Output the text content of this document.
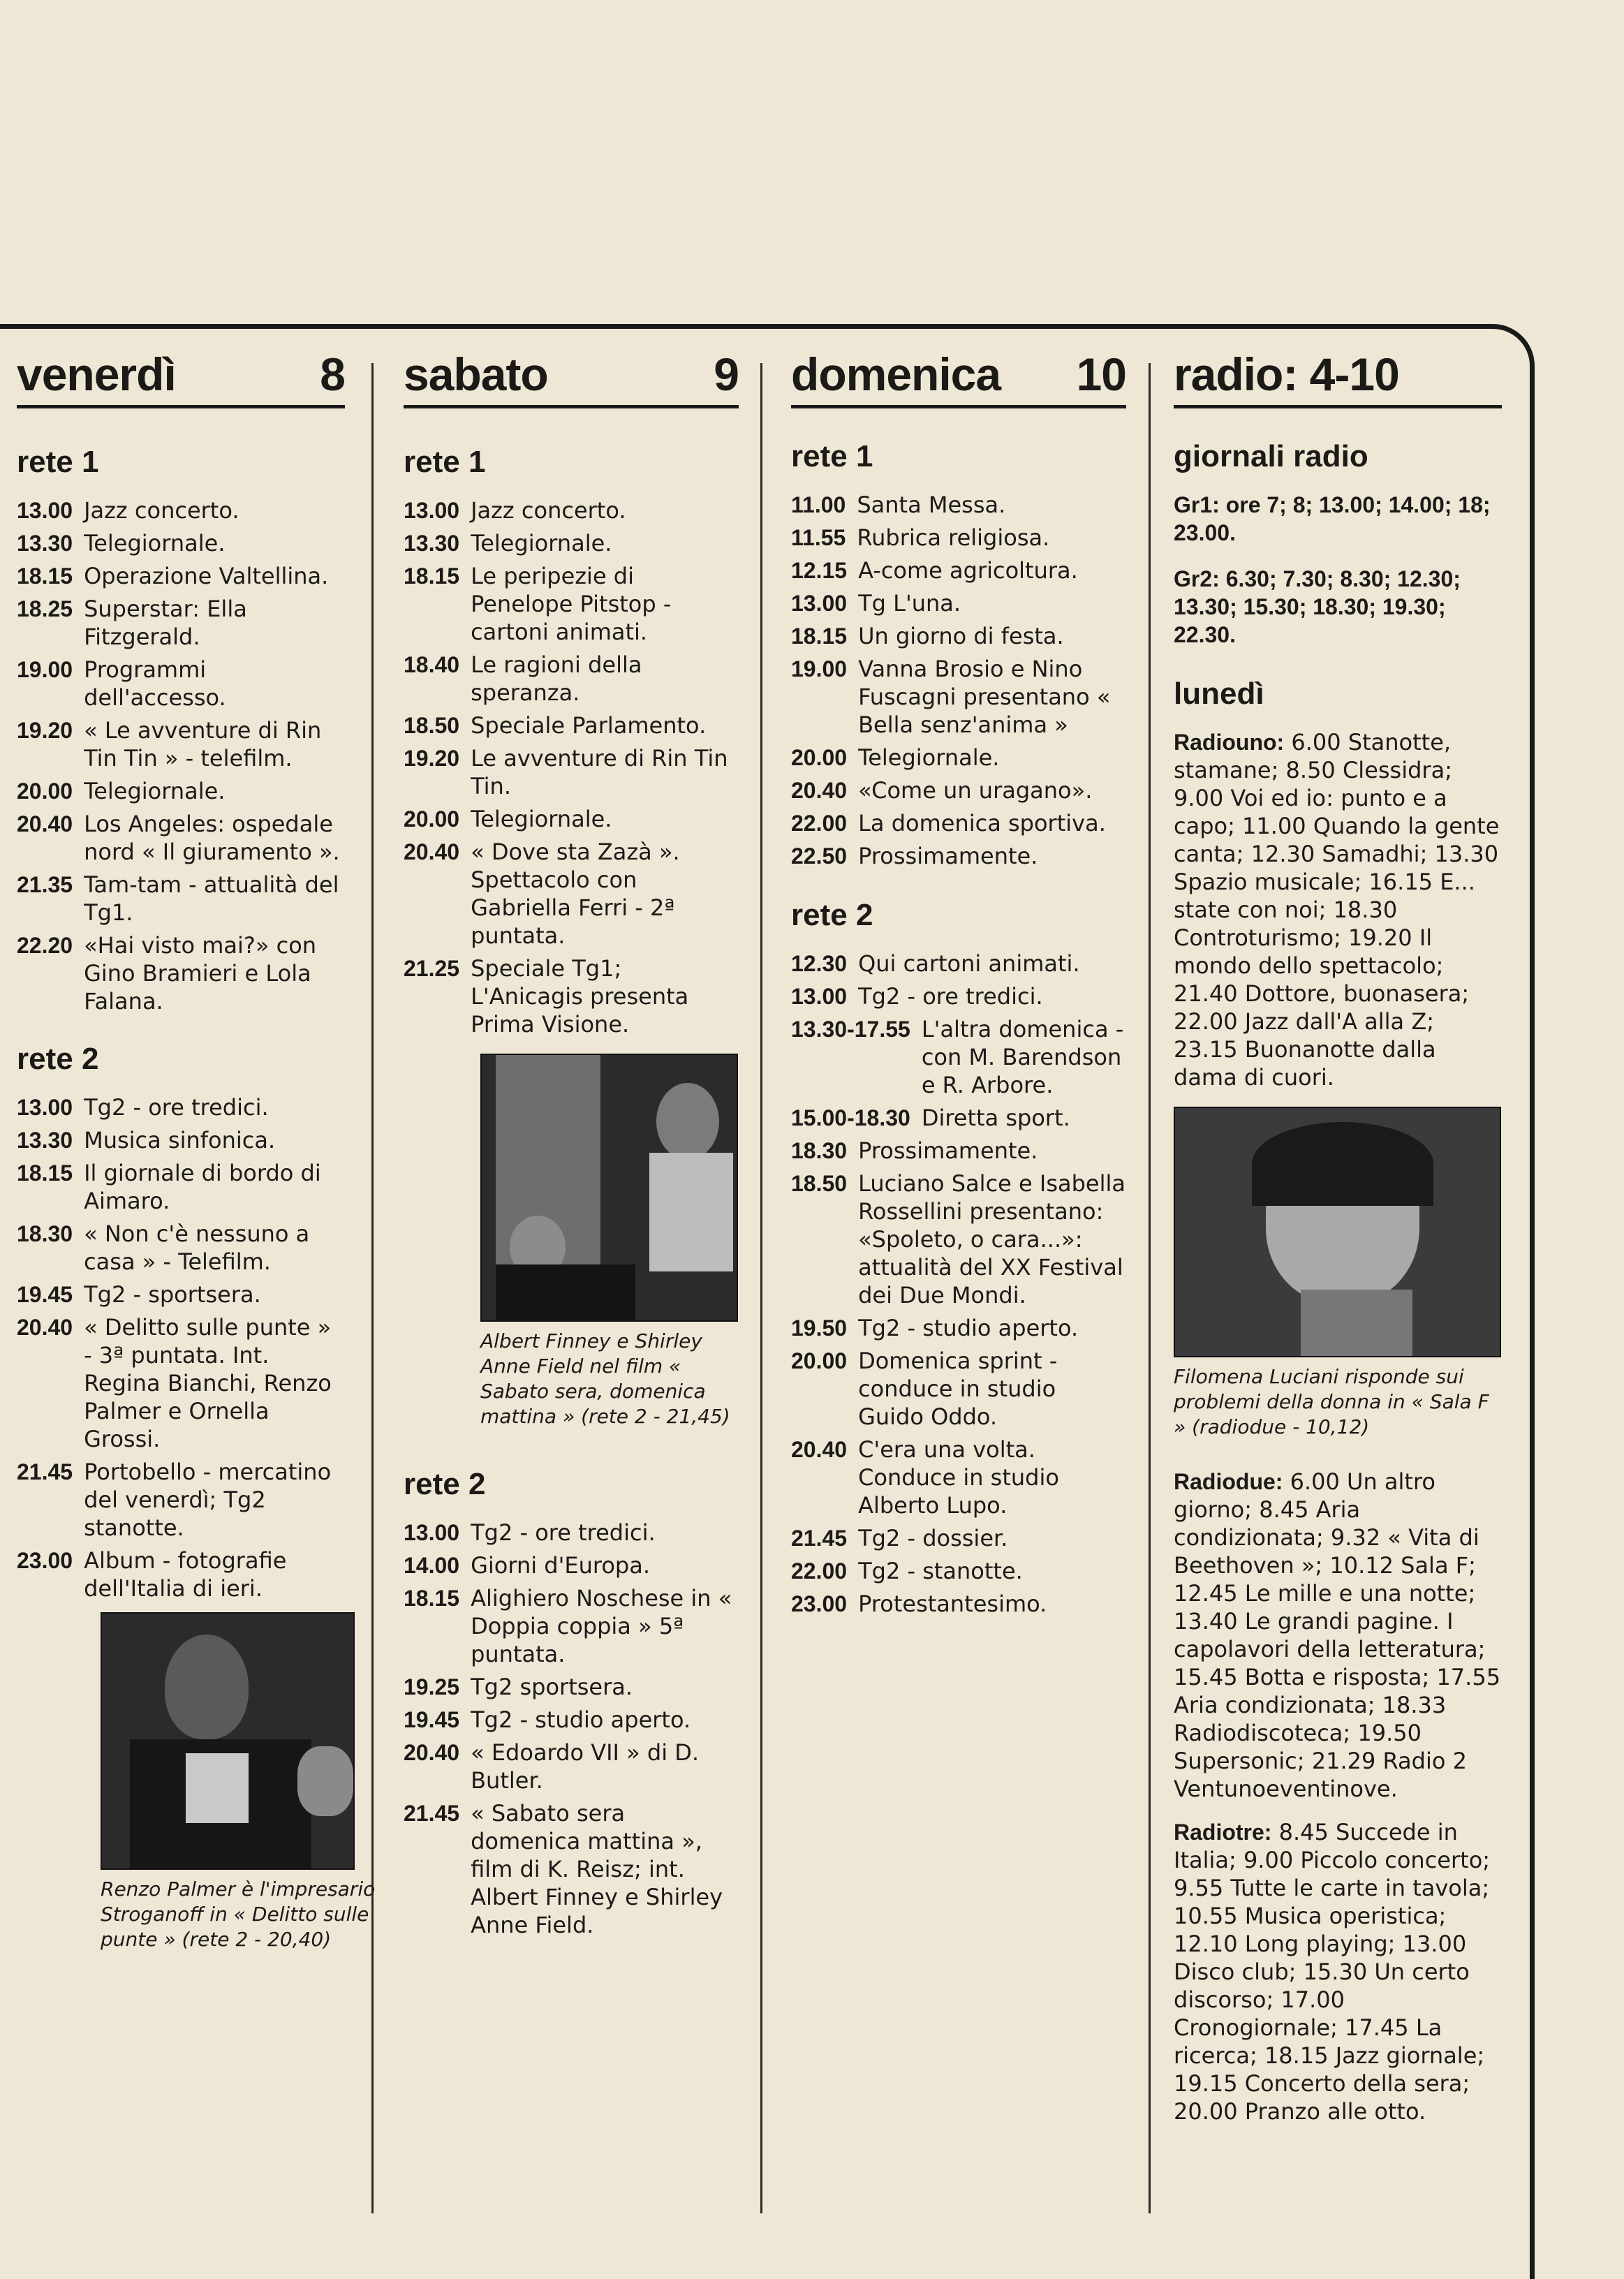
venerdì	8
rete 1
13.00 Jazz concerto.
13.30 Telegiornale.
18.15 Operazione Valtellina.
18.25 Superstar: Ella Fitzgerald.
19.00 Programmi dell'accesso.
19.20 « Le avventure di Rin Tin Tin » - telefilm.
20.00 Telegiornale.
20.40 Los Angeles: ospedale nord « Il giuramento ».
21.35 Tam-tam - attualità del Tg1.
22.20 «Hai visto mai?» con Gino Bramieri e Lola Falana.
rete 2
13.00 Tg2 - ore tredici.
13.30 Musica sinfonica.
18.15 Il giornale di bordo di Aimaro.
18.30 « Non c'è nessuno a casa » - Telefilm.
19.45 Tg2 - sportsera.
20.40 « Delitto sulle punte » - 3ª puntata. Int. Regina Bianchi, Renzo Palmer e Ornella Grossi.
21.45 Portobello - mercatino del venerdì; Tg2 stanotte.
23.00 Album - fotografie dell'Italia di ieri.
Renzo Palmer è l'impresario Stroganoff in « Delitto sulle punte » (rete 2 - 20,40)
sabato	9
rete 1
13.00 Jazz concerto.
13.30 Telegiornale.
18.15 Le peripezie di Penelope Pitstop - cartoni animati.
18.40 Le ragioni della speranza.
18.50 Speciale Parlamento.
19.20 Le avventure di Rin Tin Tin.
20.00 Telegiornale.
20.40 « Dove sta Zazà ». Spettacolo con Gabriella Ferri - 2ª puntata.
21.25 Speciale Tg1; L'Anicagis presenta Prima Visione.
Albert Finney e Shirley Anne Field nel film « Sabato sera, domenica mattina » (rete 2 - 21,45)
rete 2
13.00 Tg2 - ore tredici.
14.00 Giorni d'Europa.
18.15 Alighiero Noschese in « Doppia coppia » 5ª puntata.
19.25 Tg2 sportsera.
19.45 Tg2 - studio aperto.
20.40 « Edoardo VII » di D. Butler.
21.45 « Sabato sera domenica mattina », film di K. Reisz; int. Albert Finney e Shirley Anne Field.
domenica 10
rete 1
11.00 Santa Messa.
11.55 Rubrica religiosa.
12.15 A-come agricoltura.
13.00 Tg L'una.
18.15 Un giorno di festa.
19.00 Vanna Brosio e Nino Fuscagni presentano « Bella senz'anima »
20.00 Telegiornale.
20.40 «Come un uragano».
22.00 La domenica sportiva.
22.50 Prossimamente.
rete 2
12.30 Qui cartoni animati.
13.00 Tg2 - ore tredici.
13.30-17.55 L'altra domenica - con M. Barendson e R. Arbore.
15.00-18.30 Diretta sport.
18.30 Prossimamente.
18.50 Luciano Salce e Isabella Rossellini presentano: «Spoleto, o cara...»: attualità del XX Festival dei Due Mondi.
19.50 Tg2 - studio aperto.
20.00 Domenica sprint - conduce in studio Guido Oddo.
20.40 C'era una volta. Conduce in studio Alberto Lupo.
21.45 Tg2 - dossier.
22.00 Tg2 - stanotte.
23.00 Protestantesimo.
radio: 4-10
giornali radio
Gr1: ore 7; 8; 13.00; 14.00; 18; 23.00.
Gr2: 6.30; 7.30; 8.30; 12.30; 13.30; 15.30; 18.30; 19.30; 22.30.
lunedì
Radiouno: 6.00 Stanotte, stamane; 8.50 Clessidra; 9.00 Voi ed io: punto e a capo; 11.00 Quando la gente canta; 12.30 Samadhi; 13.30 Spazio musicale; 16.15 E... state con noi; 18.30 Controturismo; 19.20 Il mondo dello spettacolo; 21.40 Dottore, buonasera; 22.00 Jazz dall'A alla Z; 23.15 Buonanotte dalla dama di cuori.
Filomena Luciani risponde sui problemi della donna in « Sala F » (radiodue - 10,12)
Radiodue: 6.00 Un altro giorno; 8.45 Aria condizionata; 9.32 « Vita di Beethoven »; 10.12 Sala F; 12.45 Le mille e una notte; 13.40 Le grandi pagine. I capolavori della letteratura; 15.45 Botta e risposta; 17.55 Aria condizionata; 18.33 Radiodiscoteca; 19.50 Supersonic; 21.29 Radio 2 Ventunoeventinove.
Radiotre: 8.45 Succede in Italia; 9.00 Piccolo concerto; 9.55 Tutte le carte in tavola; 10.55 Musica operistica; 12.10 Long playing; 13.00 Disco club; 15.30 Un certo discorso; 17.00 Cronogiornale; 17.45 La ricerca; 18.15 Jazz giornale; 19.15 Concerto della sera; 20.00 Pranzo alle otto.
